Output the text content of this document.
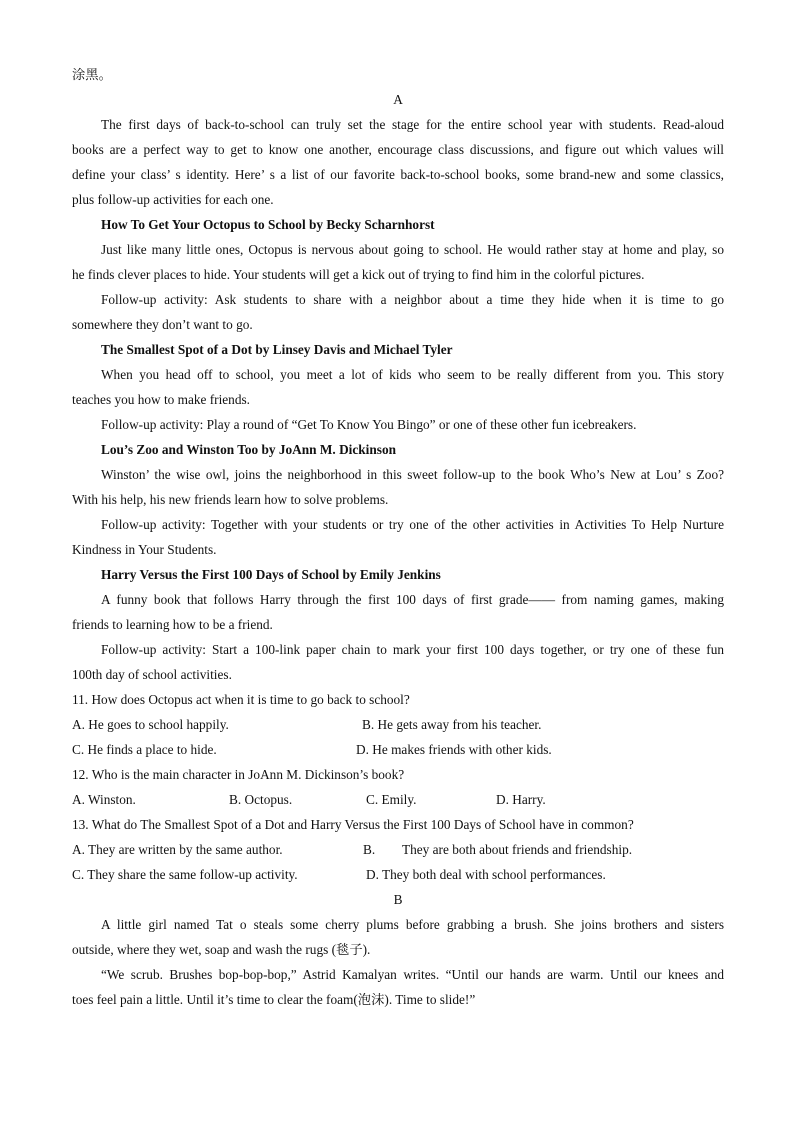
涂黑。
A
The first days of back-to-school can truly set the stage for the entire school year with students. Read-aloud
books are a perfect way to get to know one another, encourage class discussions, and figure out which values will
define your class’ s identity. Here’ s a list of our favorite back-to-school books, some brand-new and some classics,
plus follow-up activities for each one.
How To Get Your Octopus to School by Becky Scharnhorst
Just like many little ones, Octopus is nervous about going to school. He would rather stay at home and play, so
he finds clever places to hide. Your students will get a kick out of trying to find him in the colorful pictures.
Follow-up activity: Ask students to share with a neighbor about a time they hide when it is time to go
somewhere they don’t want to go.
The Smallest Spot of a Dot by Linsey Davis and Michael Tyler
When you head off to school, you meet a lot of kids who seem to be really different from you. This story
teaches you how to make friends.
Follow-up activity: Play a round of “Get To Know You Bingo” or one of these other fun icebreakers.
Lou’s Zoo and Winston Too by JoAnn M. Dickinson
Winston’ the wise owl, joins the neighborhood in this sweet follow-up to the book Who’s New at Lou’ s Zoo?
With his help, his new friends learn how to solve problems.
Follow-up activity: Together with your students or try one of the other activities in Activities To Help Nurture
Kindness in Your Students.
Harry Versus the First 100 Days of School by Emily Jenkins
A funny book that follows Harry through the first 100 days of first grade—— from naming games, making
friends to learning how to be a friend.
Follow-up activity: Start a 100-link paper chain to mark your first 100 days together, or try one of these fun
100th day of school activities.
11. How does Octopus act when it is time to go back to school?
A. He goes to school happily.	B. He gets away from his teacher.
C. He finds a place to hide.	D. He makes friends with other kids.
12. Who is the main character in JoAnn M. Dickinson’s book?
A. Winston.	B. Octopus.	C. Emily.	D. Harry.
13. What do The Smallest Spot of a Dot and Harry Versus the First 100 Days of School have in common?
A. They are written by the same author.	B. They are both about friends and friendship.
C. They share the same follow-up activity.	D. They both deal with school performances.
B
A little girl named Tat o steals some cherry plums before grabbing a brush. She joins brothers and sisters
outside, where they wet, soap and wash the rugs (毯子).
“We scrub. Brushes bop-bop-bop,” Astrid Kamalyan writes. “Until our hands are warm. Until our knees and
toes feel pain a little. Until it’s time to clear the foam(泡沫). Time to slide!”
